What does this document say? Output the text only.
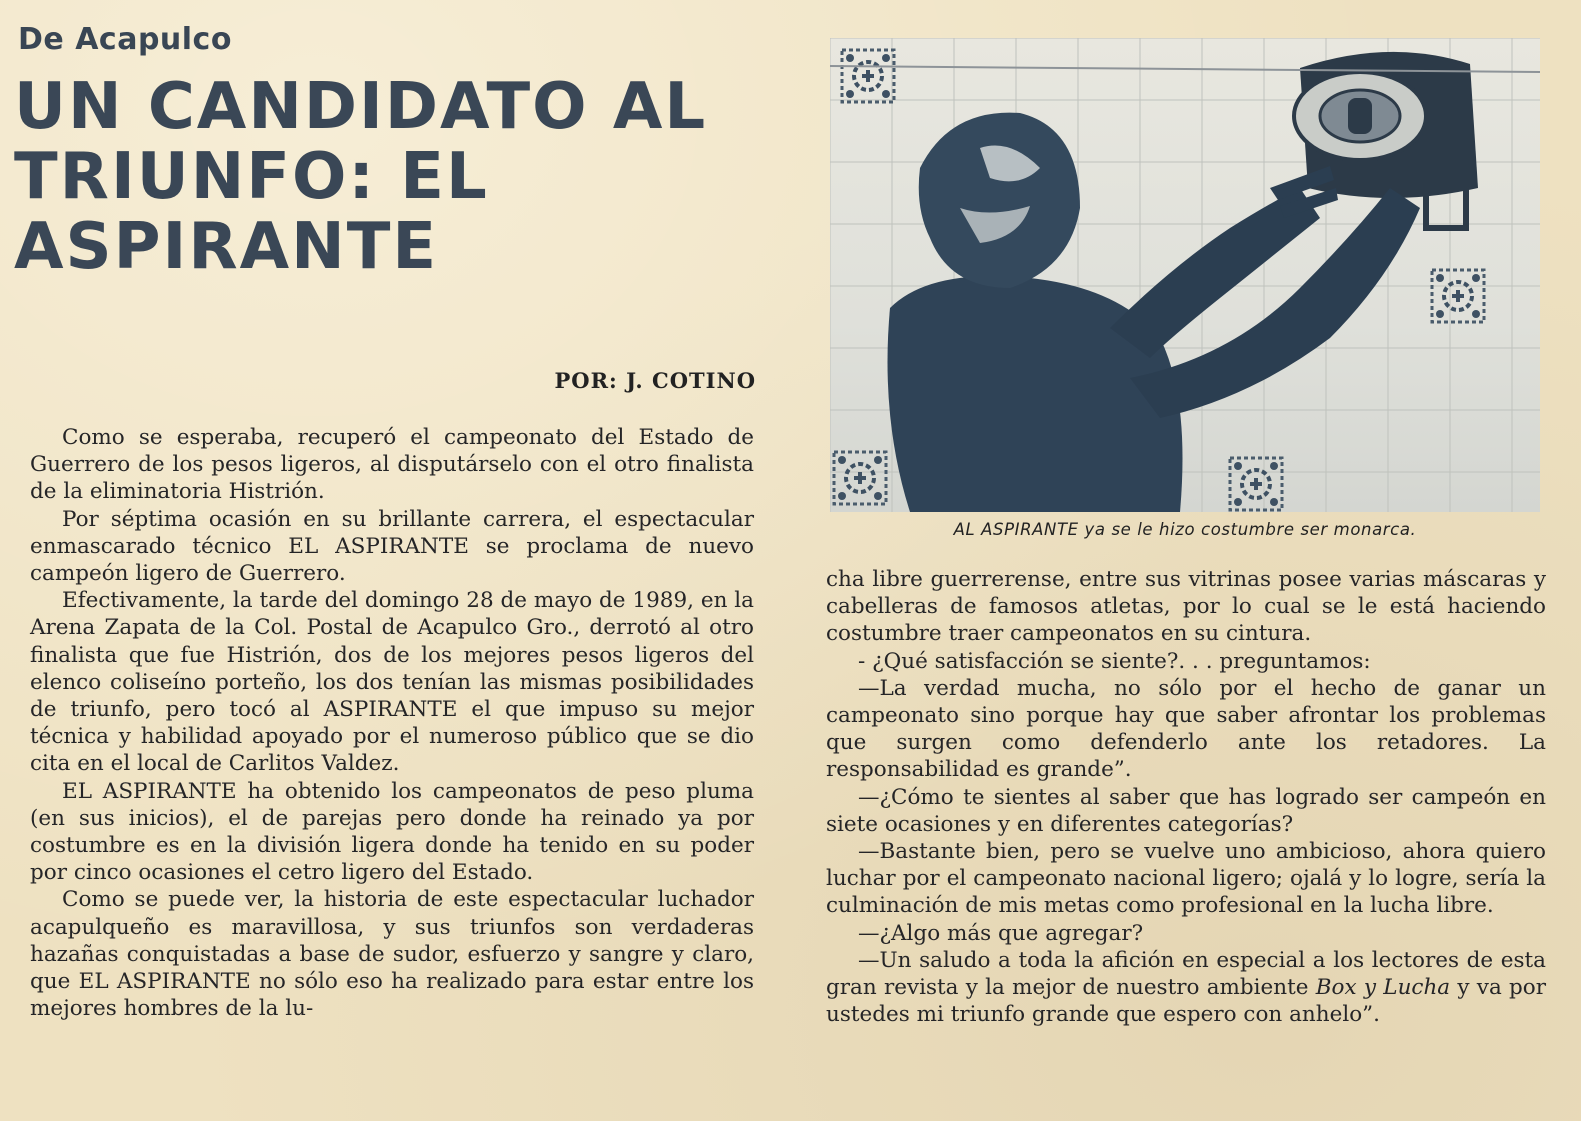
De Acapulco
UN CANDIDATO AL
TRIUNFO: EL
ASPIRANTE
POR: J. COTINO

Como se esperaba, recuperó el campeonato del Estado de Guerrero de los pesos ligeros, al disputárselo con el otro finalista de la eliminatoria Histrión.

Por séptima ocasión en su brillante carrera, el espectacular enmascarado técnico EL ASPIRANTE se proclama de nuevo campeón ligero de Guerrero.

Efectivamente, la tarde del domingo 28 de mayo de 1989, en la Arena Zapata de la Col. Postal de Acapulco Gro., derrotó al otro finalista que fue Histrión, dos de los mejores pesos ligeros del elenco coliseíno porteño, los dos tenían las mismas posibilidades de triunfo, pero tocó al ASPIRANTE el que impuso su mejor técnica y habilidad apoyado por el numeroso público que se dio cita en el local de Carlitos Valdez.

EL ASPIRANTE ha obtenido los campeonatos de peso pluma (en sus inicios), el de parejas pero donde ha reinado ya por costumbre es en la división ligera donde ha tenido en su poder por cinco ocasiones el cetro ligero del Estado.

Como se puede ver, la historia de este espectacular luchador acapulqueño es maravillosa, y sus triunfos son verdaderas hazañas conquistadas a base de sudor, esfuerzo y sangre y claro, que EL ASPIRANTE no sólo eso ha realizado para estar entre los mejores hombres de la lu-

AL ASPIRANTE ya se le hizo costumbre ser monarca.

cha libre guerrerense, entre sus vitrinas posee varias máscaras y cabelleras de famosos atletas, por lo cual se le está haciendo costumbre traer campeonatos en su cintura.

- ¿Qué satisfacción se siente?. . . preguntamos:

—La verdad mucha, no sólo por el hecho de ganar un campeonato sino porque hay que saber afrontar los problemas que surgen como defenderlo ante los retadores. La responsabilidad es grande”.

—¿Cómo te sientes al saber que has logrado ser campeón en siete ocasiones y en diferentes categorías?

—Bastante bien, pero se vuelve uno ambicioso, ahora quiero luchar por el campeonato nacional ligero; ojalá y lo logre, sería la culminación de mis metas como profesional en la lucha libre.

—¿Algo más que agregar?

—Un saludo a toda la afición en especial a los lectores de esta gran revista y la mejor de nuestro ambiente Box y Lucha y va por ustedes mi triunfo grande que espero con anhelo”.
